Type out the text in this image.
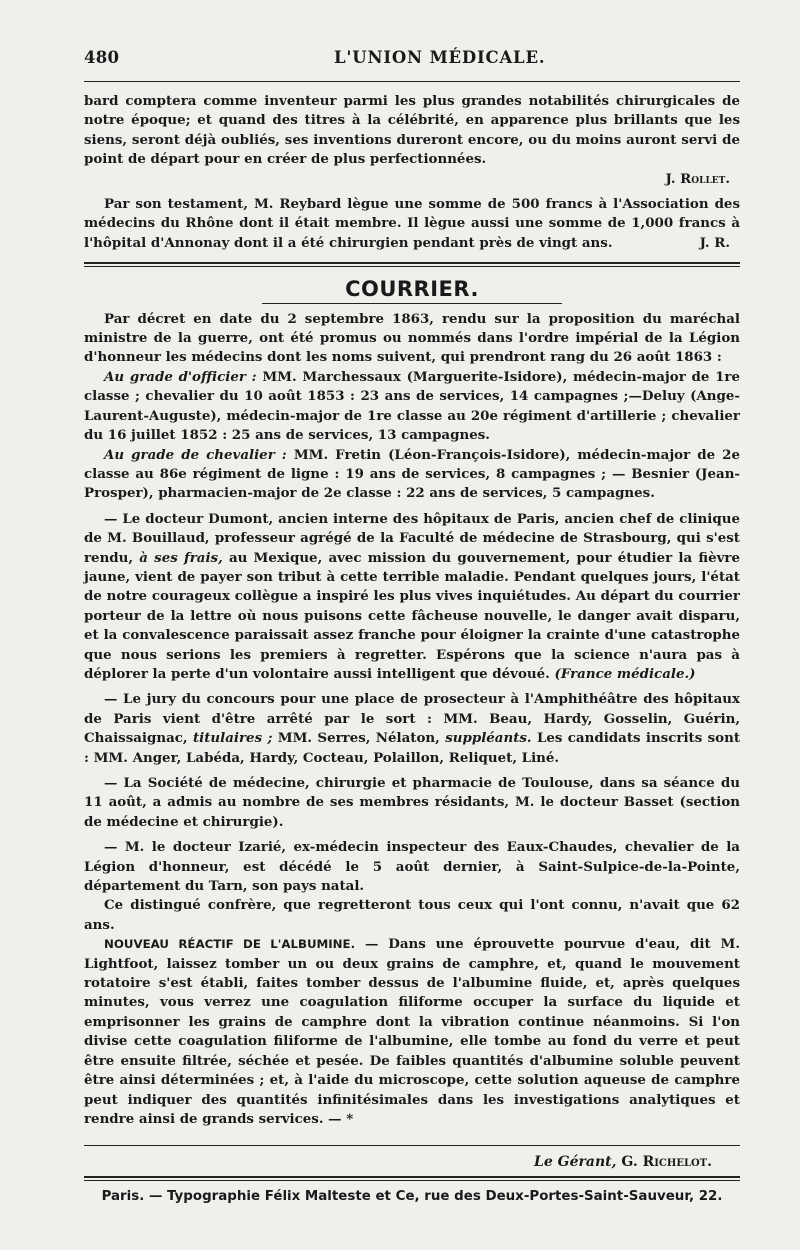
480	L'UNION MÉDICALE.

bard comptera comme inventeur parmi les plus grandes notabilités chirurgicales de notre époque; et quand des titres à la célébrité, en apparence plus brillants que les siens, seront déjà oubliés, ses inventions dureront encore, ou du moins auront servi de point de départ pour en créer de plus perfectionnées.

J. Rollet.

Par son testament, M. Reybard lègue une somme de 500 francs à l'Association des médecins du Rhône dont il était membre. Il lègue aussi une somme de 1,000 francs à l'hôpital d'Annonay dont il a été chirurgien pendant près de vingt ans.	J. R.
COURRIER.

Par décret en date du 2 septembre 1863, rendu sur la proposition du maréchal ministre de la guerre, ont été promus ou nommés dans l'ordre impérial de la Légion d'honneur les médecins dont les noms suivent, qui prendront rang du 26 août 1863 :

Au grade d'officier : MM. Marchessaux (Marguerite-Isidore), médecin-major de 1re classe ; chevalier du 10 août 1853 : 23 ans de services, 14 campagnes ;—Deluy (Ange-Laurent-Auguste), médecin-major de 1re classe au 20e régiment d'artillerie ; chevalier du 16 juillet 1852 : 25 ans de services, 13 campagnes.

Au grade de chevalier : MM. Fretin (Léon-François-Isidore), médecin-major de 2e classe au 86e régiment de ligne : 19 ans de services, 8 campagnes ; — Besnier (Jean-Prosper), pharmacien-major de 2e classe : 22 ans de services, 5 campagnes.

— Le docteur Dumont, ancien interne des hôpitaux de Paris, ancien chef de clinique de M. Bouillaud, professeur agrégé de la Faculté de médecine de Strasbourg, qui s'est rendu, à ses frais, au Mexique, avec mission du gouvernement, pour étudier la fièvre jaune, vient de payer son tribut à cette terrible maladie. Pendant quelques jours, l'état de notre courageux collègue a inspiré les plus vives inquiétudes. Au départ du courrier porteur de la lettre où nous puisons cette fâcheuse nouvelle, le danger avait disparu, et la convalescence paraissait assez franche pour éloigner la crainte d'une catastrophe que nous serions les premiers à regretter. Espérons que la science n'aura pas à déplorer la perte d'un volontaire aussi intelligent que dévoué. (France médicale.)

— Le jury du concours pour une place de prosecteur à l'Amphithéâtre des hôpitaux de Paris vient d'être arrêté par le sort : MM. Beau, Hardy, Gosselin, Guérin, Chaissaignac, titulaires ; MM. Serres, Nélaton, suppléants. Les candidats inscrits sont : MM. Anger, Labéda, Hardy, Cocteau, Polaillon, Reliquet, Liné.

— La Société de médecine, chirurgie et pharmacie de Toulouse, dans sa séance du 11 août, a admis au nombre de ses membres résidants, M. le docteur Basset (section de médecine et chirurgie).

— M. le docteur Izarié, ex-médecin inspecteur des Eaux-Chaudes, chevalier de la Légion d'honneur, est décédé le 5 août dernier, à Saint-Sulpice-de-la-Pointe, département du Tarn, son pays natal.

Ce distingué confrère, que regretteront tous ceux qui l'ont connu, n'avait que 62 ans.

NOUVEAU RÉACTIF DE L'ALBUMINE. — Dans une éprouvette pourvue d'eau, dit M. Lightfoot, laissez tomber un ou deux grains de camphre, et, quand le mouvement rotatoire s'est établi, faites tomber dessus de l'albumine fluide, et, après quelques minutes, vous verrez une coagulation filiforme occuper la surface du liquide et emprisonner les grains de camphre dont la vibration continue néanmoins. Si l'on divise cette coagulation filiforme de l'albumine, elle tombe au fond du verre et peut être ensuite filtrée, séchée et pesée. De faibles quantités d'albumine soluble peuvent être ainsi déterminées ; et, à l'aide du microscope, cette solution aqueuse de camphre peut indiquer des quantités infinitésimales dans les investigations analytiques et rendre ainsi de grands services. — *

Le Gérant, G. Richelot.
Paris. — Typographie Félix Malteste et Ce, rue des Deux-Portes-Saint-Sauveur, 22.
